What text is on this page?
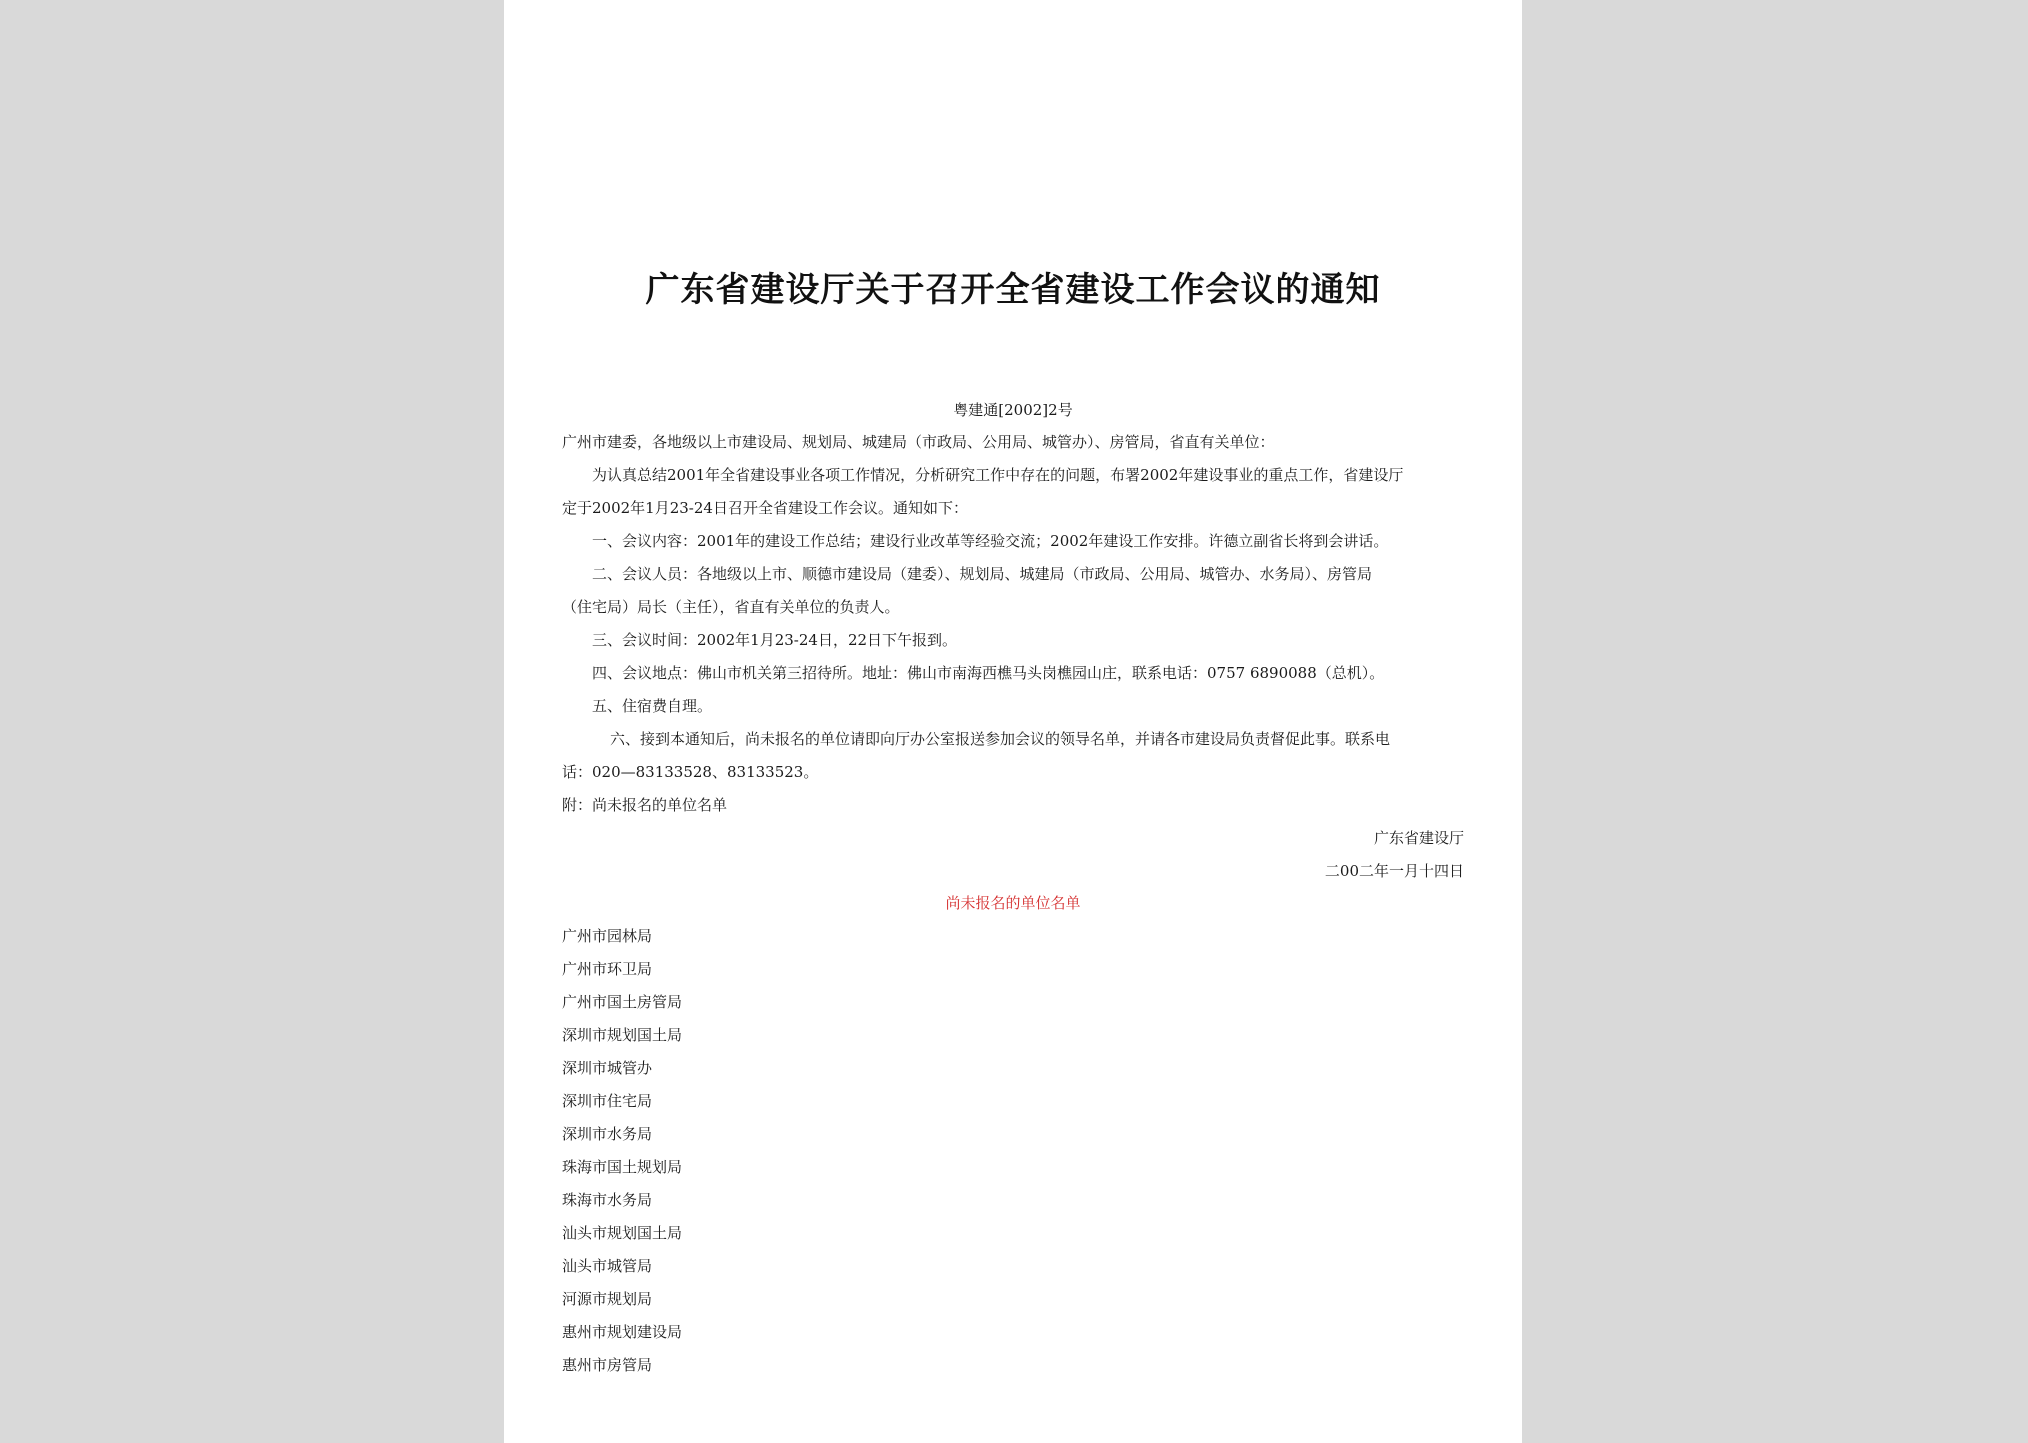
广东省建设厅关于召开全省建设工作会议的通知
粤建通[2002]2号
广州市建委，各地级以上市建设局、规划局、城建局（市政局、公用局、城管办）、房管局，省直有关单位：
为认真总结2001年全省建设事业各项工作情况，分析研究工作中存在的问题，布署2002年建设事业的重点工作，省建设厅
定于2002年1月23-24日召开全省建设工作会议。通知如下：
一、会议内容：2001年的建设工作总结；建设行业改革等经验交流；2002年建设工作安排。许德立副省长将到会讲话。
二、会议人员：各地级以上市、顺德市建设局（建委）、规划局、城建局（市政局、公用局、城管办、水务局）、房管局
（住宅局）局长（主任），省直有关单位的负责人。
三、会议时间：2002年1月23-24日，22日下午报到。
四、会议地点：佛山市机关第三招待所。地址：佛山市南海西樵马头岗樵园山庄，联系电话：0757 6890088（总机）。
五、住宿费自理。
六、接到本通知后，尚未报名的单位请即向厅办公室报送参加会议的领导名单，并请各市建设局负责督促此事。联系电
话：020—83133528、83133523。
附：尚未报名的单位名单
广东省建设厅
二00二年一月十四日
尚未报名的单位名单
广州市园林局
广州市环卫局
广州市国土房管局
深圳市规划国土局
深圳市城管办
深圳市住宅局
深圳市水务局
珠海市国土规划局
珠海市水务局
汕头市规划国土局
汕头市城管局
河源市规划局
惠州市规划建设局
惠州市房管局
